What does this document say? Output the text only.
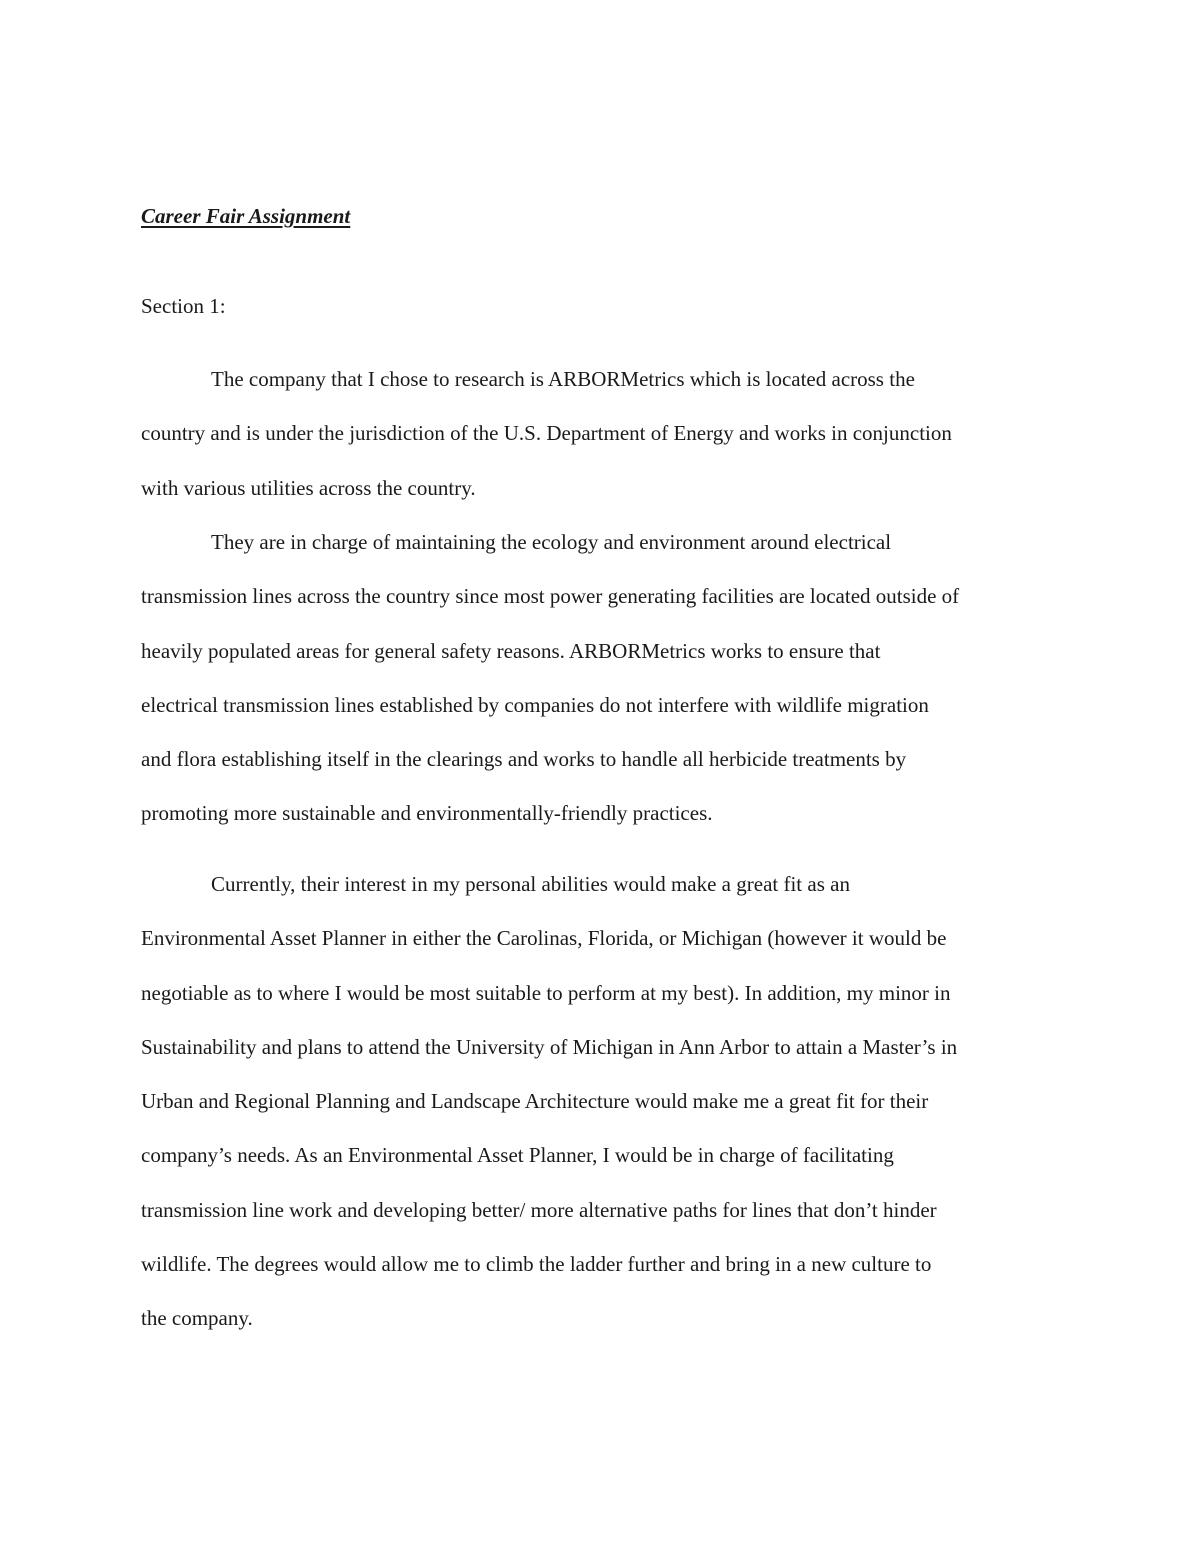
Career Fair Assignment

Section 1:

The company that I chose to research is ARBORMetrics which is located across the
country and is under the jurisdiction of the U.S. Department of Energy and works in conjunction
with various utilities across the country.

They are in charge of maintaining the ecology and environment around electrical
transmission lines across the country since most power generating facilities are located outside of
heavily populated areas for general safety reasons. ARBORMetrics works to ensure that
electrical transmission lines established by companies do not interfere with wildlife migration
and flora establishing itself in the clearings and works to handle all herbicide treatments by
promoting more sustainable and environmentally-friendly practices.

Currently, their interest in my personal abilities would make a great fit as an
Environmental Asset Planner in either the Carolinas, Florida, or Michigan (however it would be
negotiable as to where I would be most suitable to perform at my best). In addition, my minor in
Sustainability and plans to attend the University of Michigan in Ann Arbor to attain a Master’s in
Urban and Regional Planning and Landscape Architecture would make me a great fit for their
company’s needs. As an Environmental Asset Planner, I would be in charge of facilitating
transmission line work and developing better/ more alternative paths for lines that don’t hinder
wildlife. The degrees would allow me to climb the ladder further and bring in a new culture to
the company.
